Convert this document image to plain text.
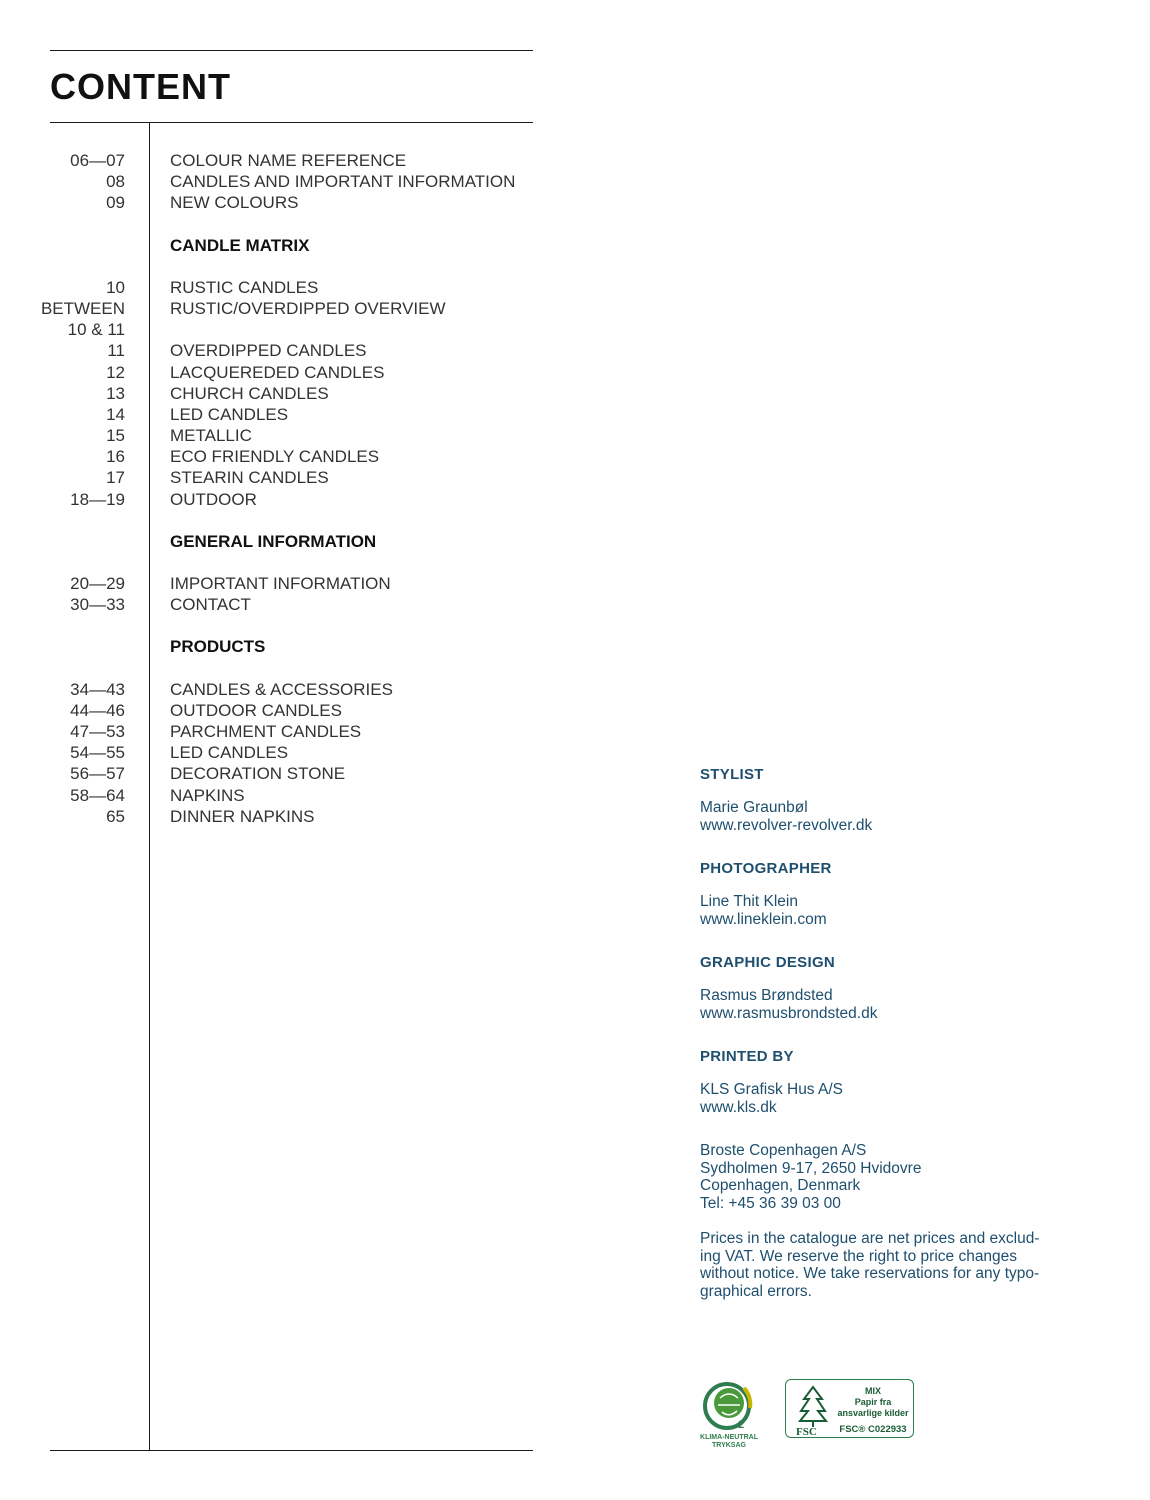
CONTENT
06—07	COLOUR NAME REFERENCE
08	CANDLES AND IMPORTANT INFORMATION
09	NEW COLOURS
CANDLE MATRIX
10	RUSTIC CANDLES
BETWEEN	RUSTIC/OVERDIPPED OVERVIEW
10 & 11
11	OVERDIPPED CANDLES
12	LACQUEREDED CANDLES
13	CHURCH CANDLES
14	LED CANDLES
15	METALLIC
16	ECO FRIENDLY CANDLES
17	STEARIN CANDLES
18—19	OUTDOOR
GENERAL INFORMATION
20—29	IMPORTANT INFORMATION
30—33	CONTACT
PRODUCTS
34—43	CANDLES & ACCESSORIES
44—46	OUTDOOR CANDLES
47—53	PARCHMENT CANDLES
54—55	LED CANDLES
56—57	DECORATION STONE
58—64	NAPKINS
65	DINNER NAPKINS
STYLIST
Marie Graunbøl
www.revolver-revolver.dk
PHOTOGRAPHER
Line Thit Klein
www.lineklein.com
GRAPHIC DESIGN
Rasmus Brøndsted
www.rasmusbrondsted.dk
PRINTED BY
KLS Grafisk Hus A/S
www.kls.dk
Broste Copenhagen A/S
Sydholmen 9-17, 2650 Hvidovre
Copenhagen, Denmark
Tel: +45 36 39 03 00
Prices in the catalogue are net prices and exclud-
ing VAT. We reserve the right to price changes
without notice. We take reservations for any typo-
graphical errors.
2
KLIMA-NEUTRAL
TRYKSAG
FSC
MIX
Papir fra
ansvarlige kilder
FSC® C022933
